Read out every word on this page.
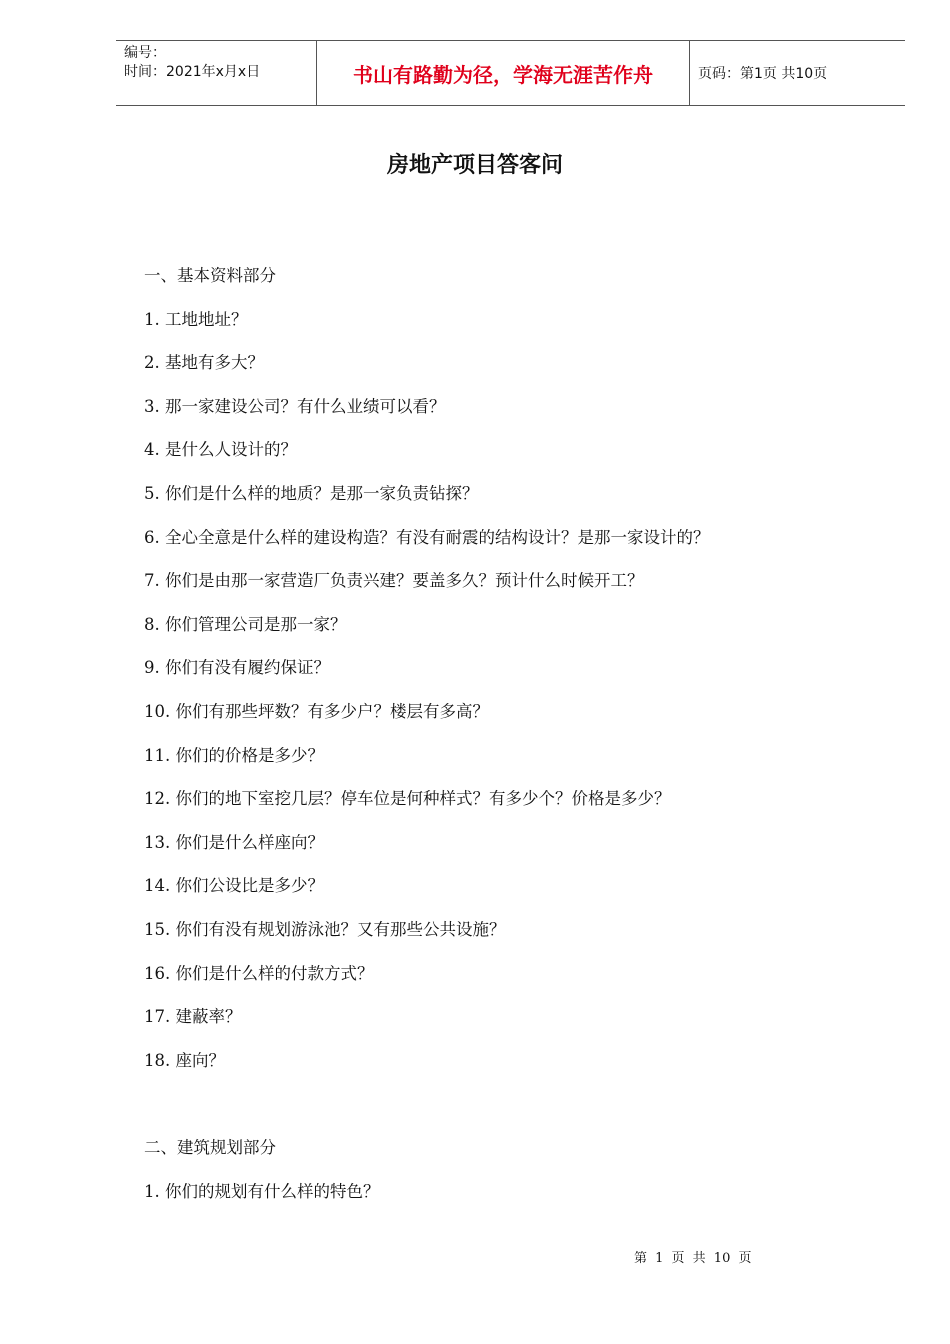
编号：
时间：2021年x月x日	书山有路勤为径，学海无涯苦作舟	页码：第1页 共10页
房地产项目答客问
一、基本资料部分
1. 工地地址？
2. 基地有多大？
3. 那一家建设公司？有什么业绩可以看？
4. 是什么人设计的？
5. 你们是什么样的地质？是那一家负责钻探？
6. 全心全意是什么样的建设构造？有没有耐震的结构设计？是那一家设计的？
7. 你们是由那一家营造厂负责兴建？要盖多久？预计什么时候开工？
8. 你们管理公司是那一家？
9. 你们有没有履约保证？
10. 你们有那些坪数？有多少户？楼层有多高？
11. 你们的价格是多少？
12. 你们的地下室挖几层？停车位是何种样式？有多少个？价格是多少？
13. 你们是什么样座向？
14. 你们公设比是多少？
15. 你们有没有规划游泳池？又有那些公共设施？
16. 你们是什么样的付款方式？
17. 建蔽率？
18. 座向？
二、建筑规划部分
1. 你们的规划有什么样的特色？
第 1 页 共 10 页
